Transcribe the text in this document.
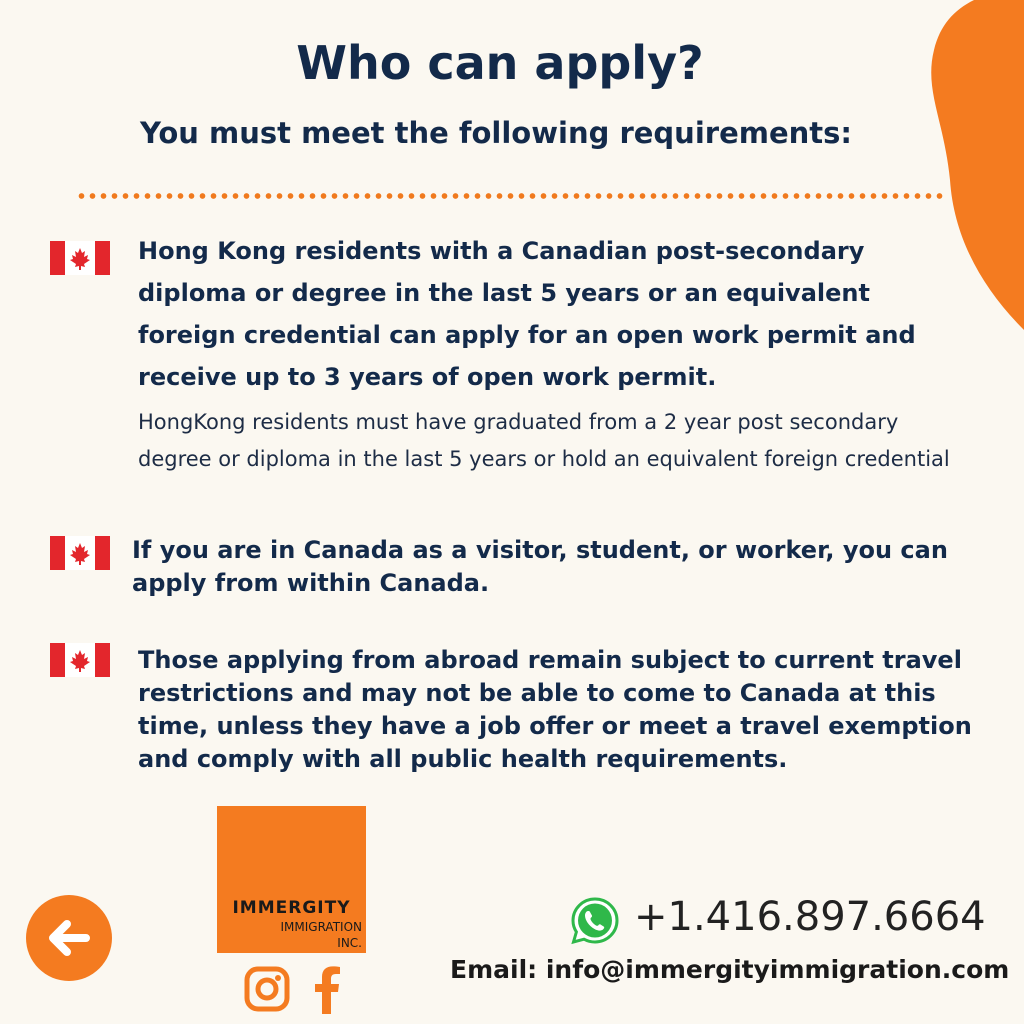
Who can apply?
You must meet the following requirements:

Hong Kong residents with a Canadian post-secondary diploma or degree in the last 5 years or an equivalent foreign credential can apply for an open work permit and receive up to 3 years of open work permit.

HongKong residents must have graduated from a 2 year post secondary degree or diploma in the last 5 years or hold an equivalent foreign credential

If you are in Canada as a visitor, student, or worker, you can apply from within Canada.

Those applying from abroad remain subject to current travel restrictions and may not be able to come to Canada at this time, unless they have a job offer or meet a travel exemption and comply with all public health requirements.

IMMERGITY

IMMIGRATION

INC.

+1.416.897.6664

Email: info@immergityimmigration.com
